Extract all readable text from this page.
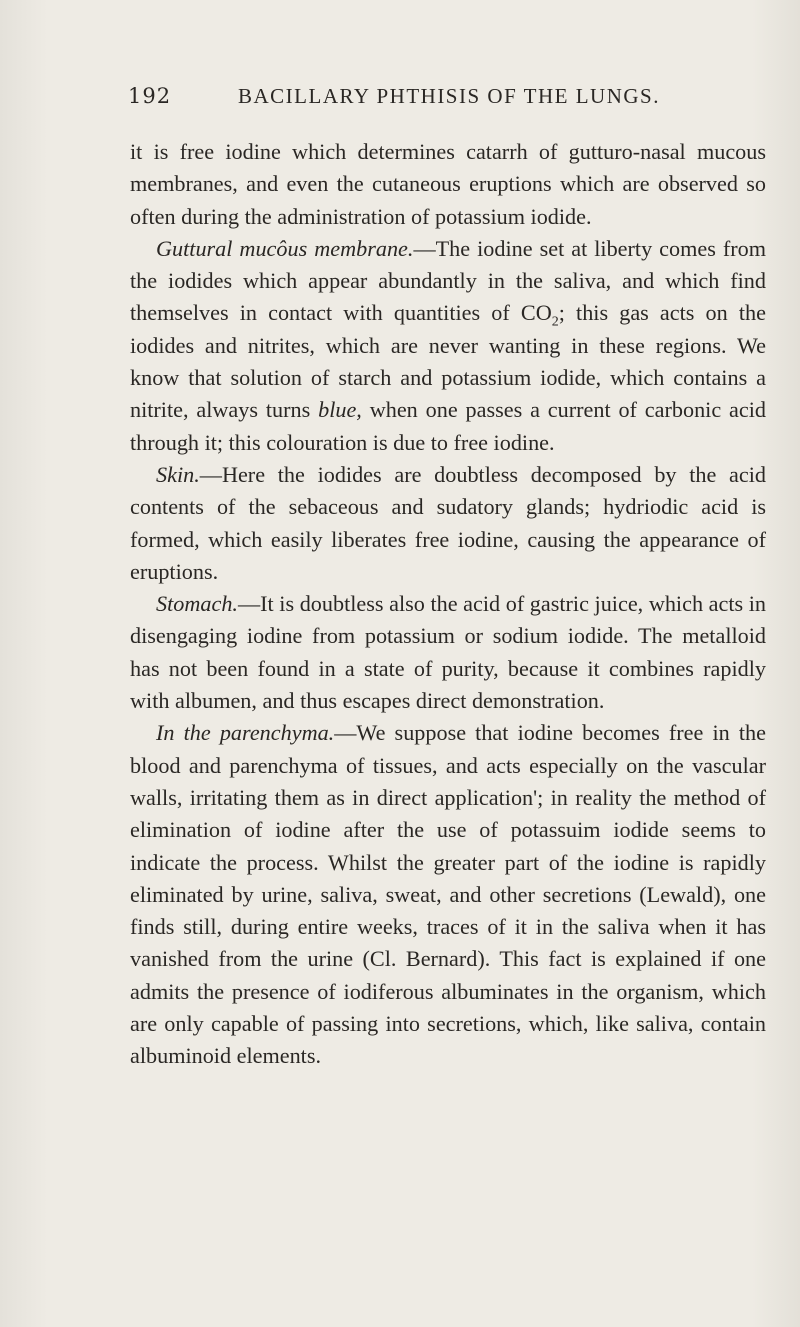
192	BACILLARY PHTHISIS OF THE LUNGS.

it is free iodine which determines catarrh of gutturo-nasal mucous membranes, and even the cutaneous eruptions which are observed so often during the administration of potassium iodide.

Guttural mucôus membrane.—The iodine set at liberty comes from the iodides which appear abundantly in the saliva, and which find themselves in contact with quantities of $CO_2$; this gas acts on the iodides and nitrites, which are never wanting in these regions. We know that solution of starch and potassium iodide, which contains a nitrite, always turns blue, when one passes a current of carbonic acid through it; this colouration is due to free iodine.

Skin.—Here the iodides are doubtless decomposed by the acid contents of the sebaceous and sudatory glands; hydriodic acid is formed, which easily liberates free iodine, causing the appearance of eruptions.

Stomach.—It is doubtless also the acid of gastric juice, which acts in disengaging iodine from potassium or sodium iodide. The metalloid has not been found in a state of purity, because it combines rapidly with albumen, and thus escapes direct demonstration.

In the parenchyma.—We suppose that iodine becomes free in the blood and parenchyma of tissues, and acts especially on the vascular walls, irritating them as in direct application'; in reality the method of elimination of iodine after the use of potassuim iodide seems to indicate the process. Whilst the greater part of the iodine is rapidly eliminated by urine, saliva, sweat, and other secretions (Lewald), one finds still, during entire weeks, traces of it in the saliva when it has vanished from the urine (Cl. Bernard). This fact is explained if one admits the presence of iodiferous albuminates in the organism, which are only capable of passing into secretions, which, like saliva, contain albuminoid elements.
